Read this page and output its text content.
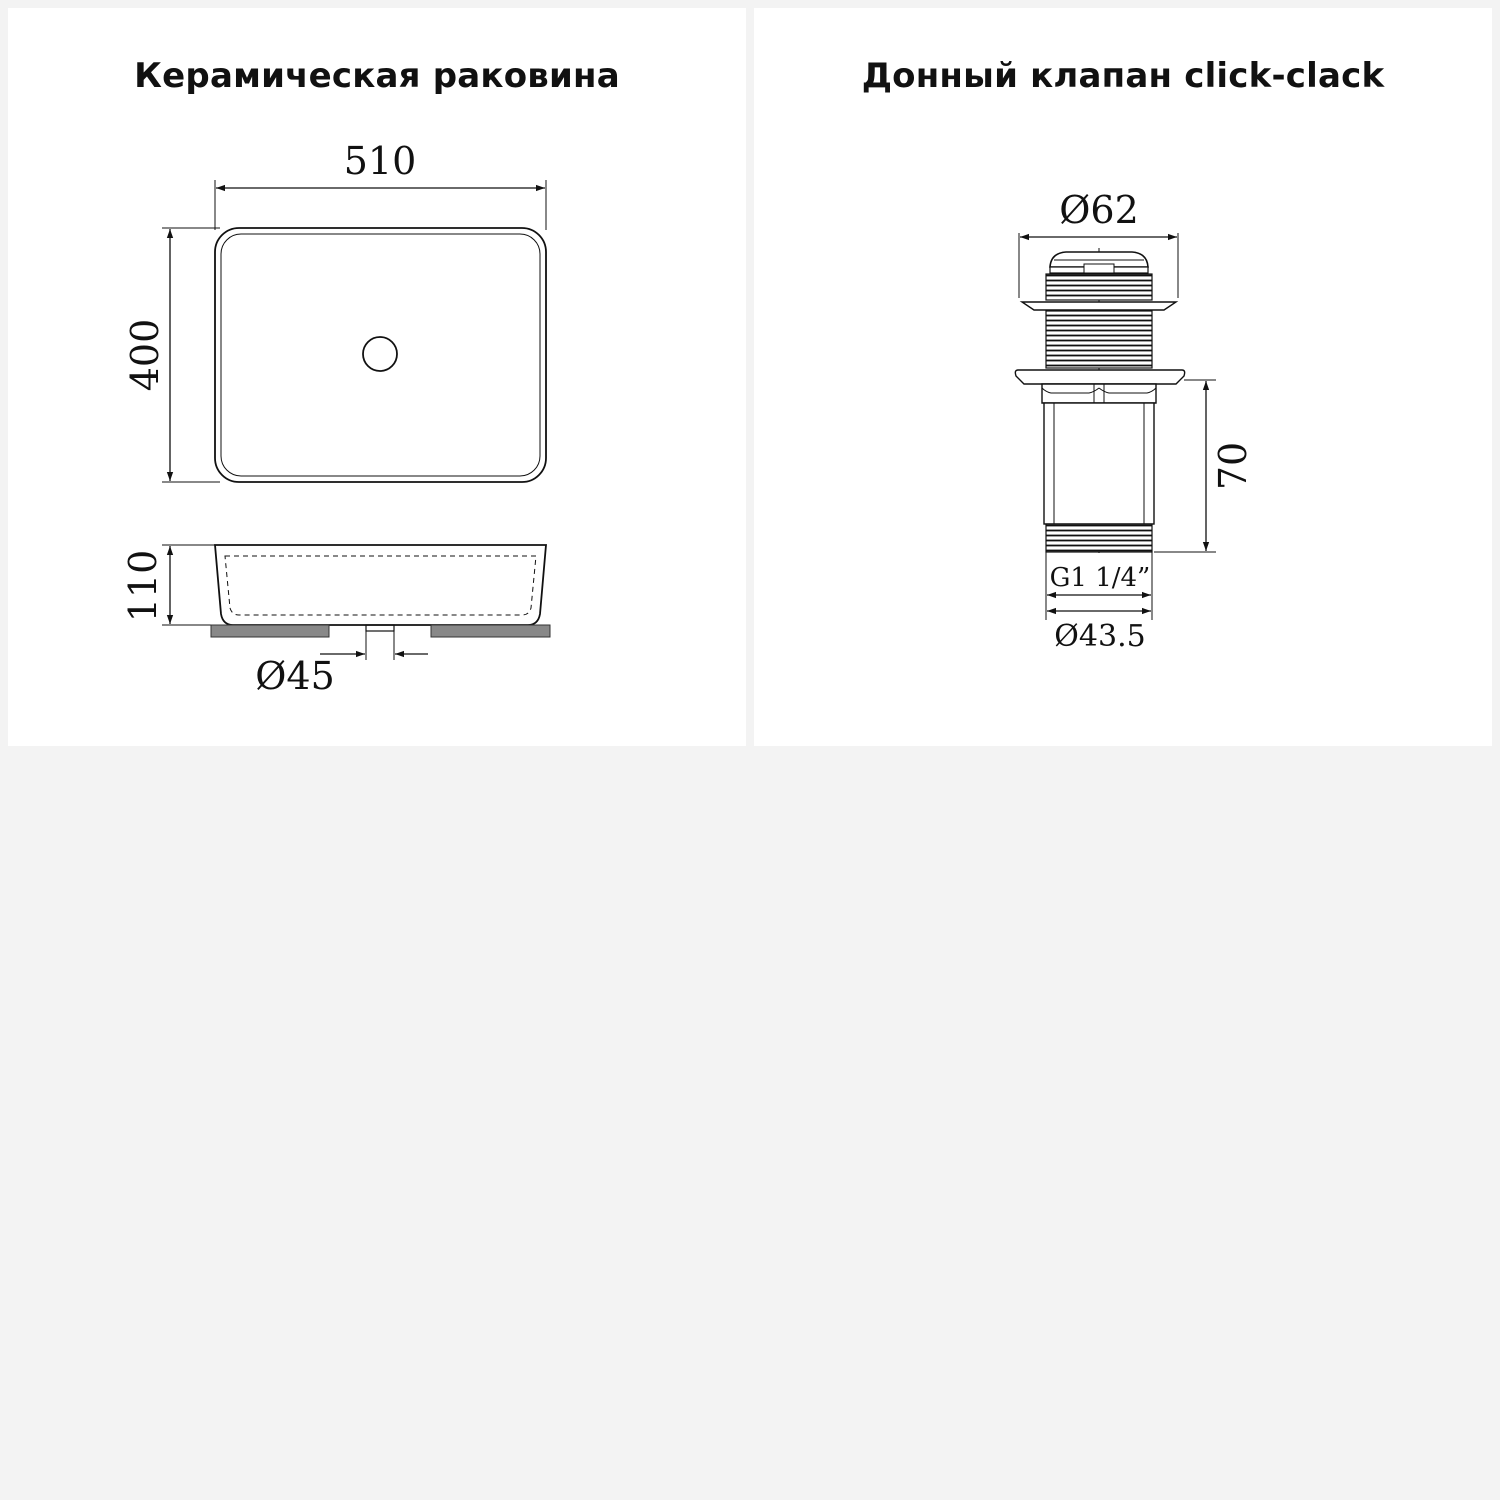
Керамическая раковина
510
400
110
Ø45
Донный клапан click-clack
Ø62
70
G1 1/4”
Ø43.5
